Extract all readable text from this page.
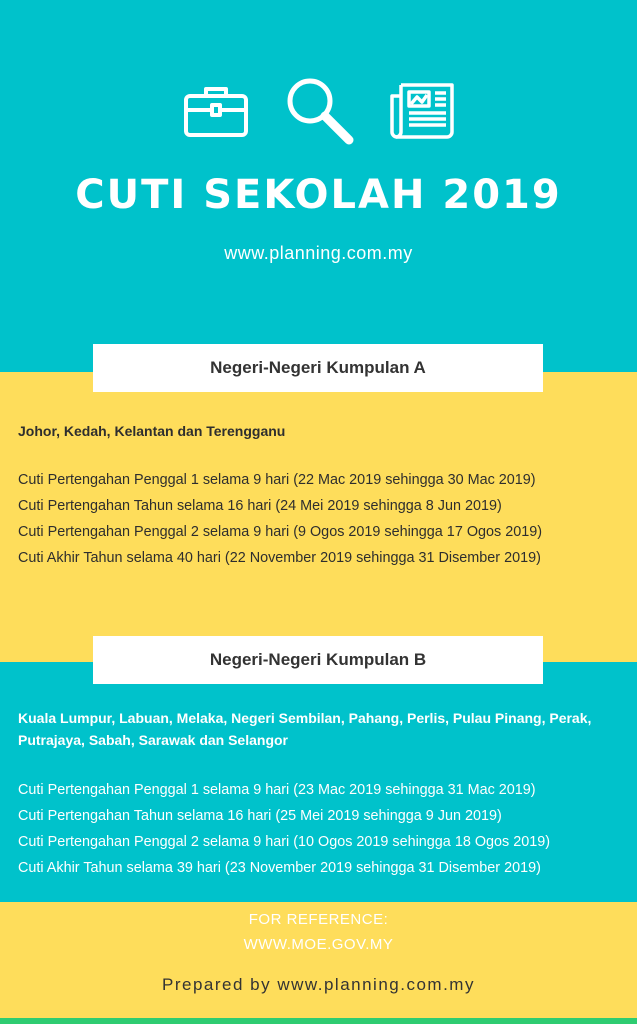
CUTI SEKOLAH 2019
www.planning.com.my
Negeri-Negeri Kumpulan A
Johor, Kedah, Kelantan dan Terengganu
Cuti Pertengahan Penggal 1 selama 9 hari (22 Mac 2019 sehingga 30 Mac 2019)
Cuti Pertengahan Tahun selama 16 hari (24 Mei 2019 sehingga 8 Jun 2019)
Cuti Pertengahan Penggal 2 selama 9 hari (9 Ogos 2019 sehingga 17 Ogos 2019)
Cuti Akhir Tahun selama 40 hari (22 November 2019 sehingga 31 Disember 2019)
Negeri-Negeri Kumpulan B
Kuala Lumpur, Labuan, Melaka, Negeri Sembilan, Pahang, Perlis, Pulau Pinang, Perak, Putrajaya, Sabah, Sarawak dan Selangor
Cuti Pertengahan Penggal 1 selama 9 hari (23 Mac 2019 sehingga 31 Mac 2019)
Cuti Pertengahan Tahun selama 16 hari (25 Mei 2019 sehingga 9 Jun 2019)
Cuti Pertengahan Penggal 2 selama 9 hari (10 Ogos 2019 sehingga 18 Ogos 2019)
Cuti Akhir Tahun selama 39 hari (23 November 2019 sehingga 31 Disember 2019)
FOR REFERENCE:
WWW.MOE.GOV.MY
Prepared by www.planning.com.my
